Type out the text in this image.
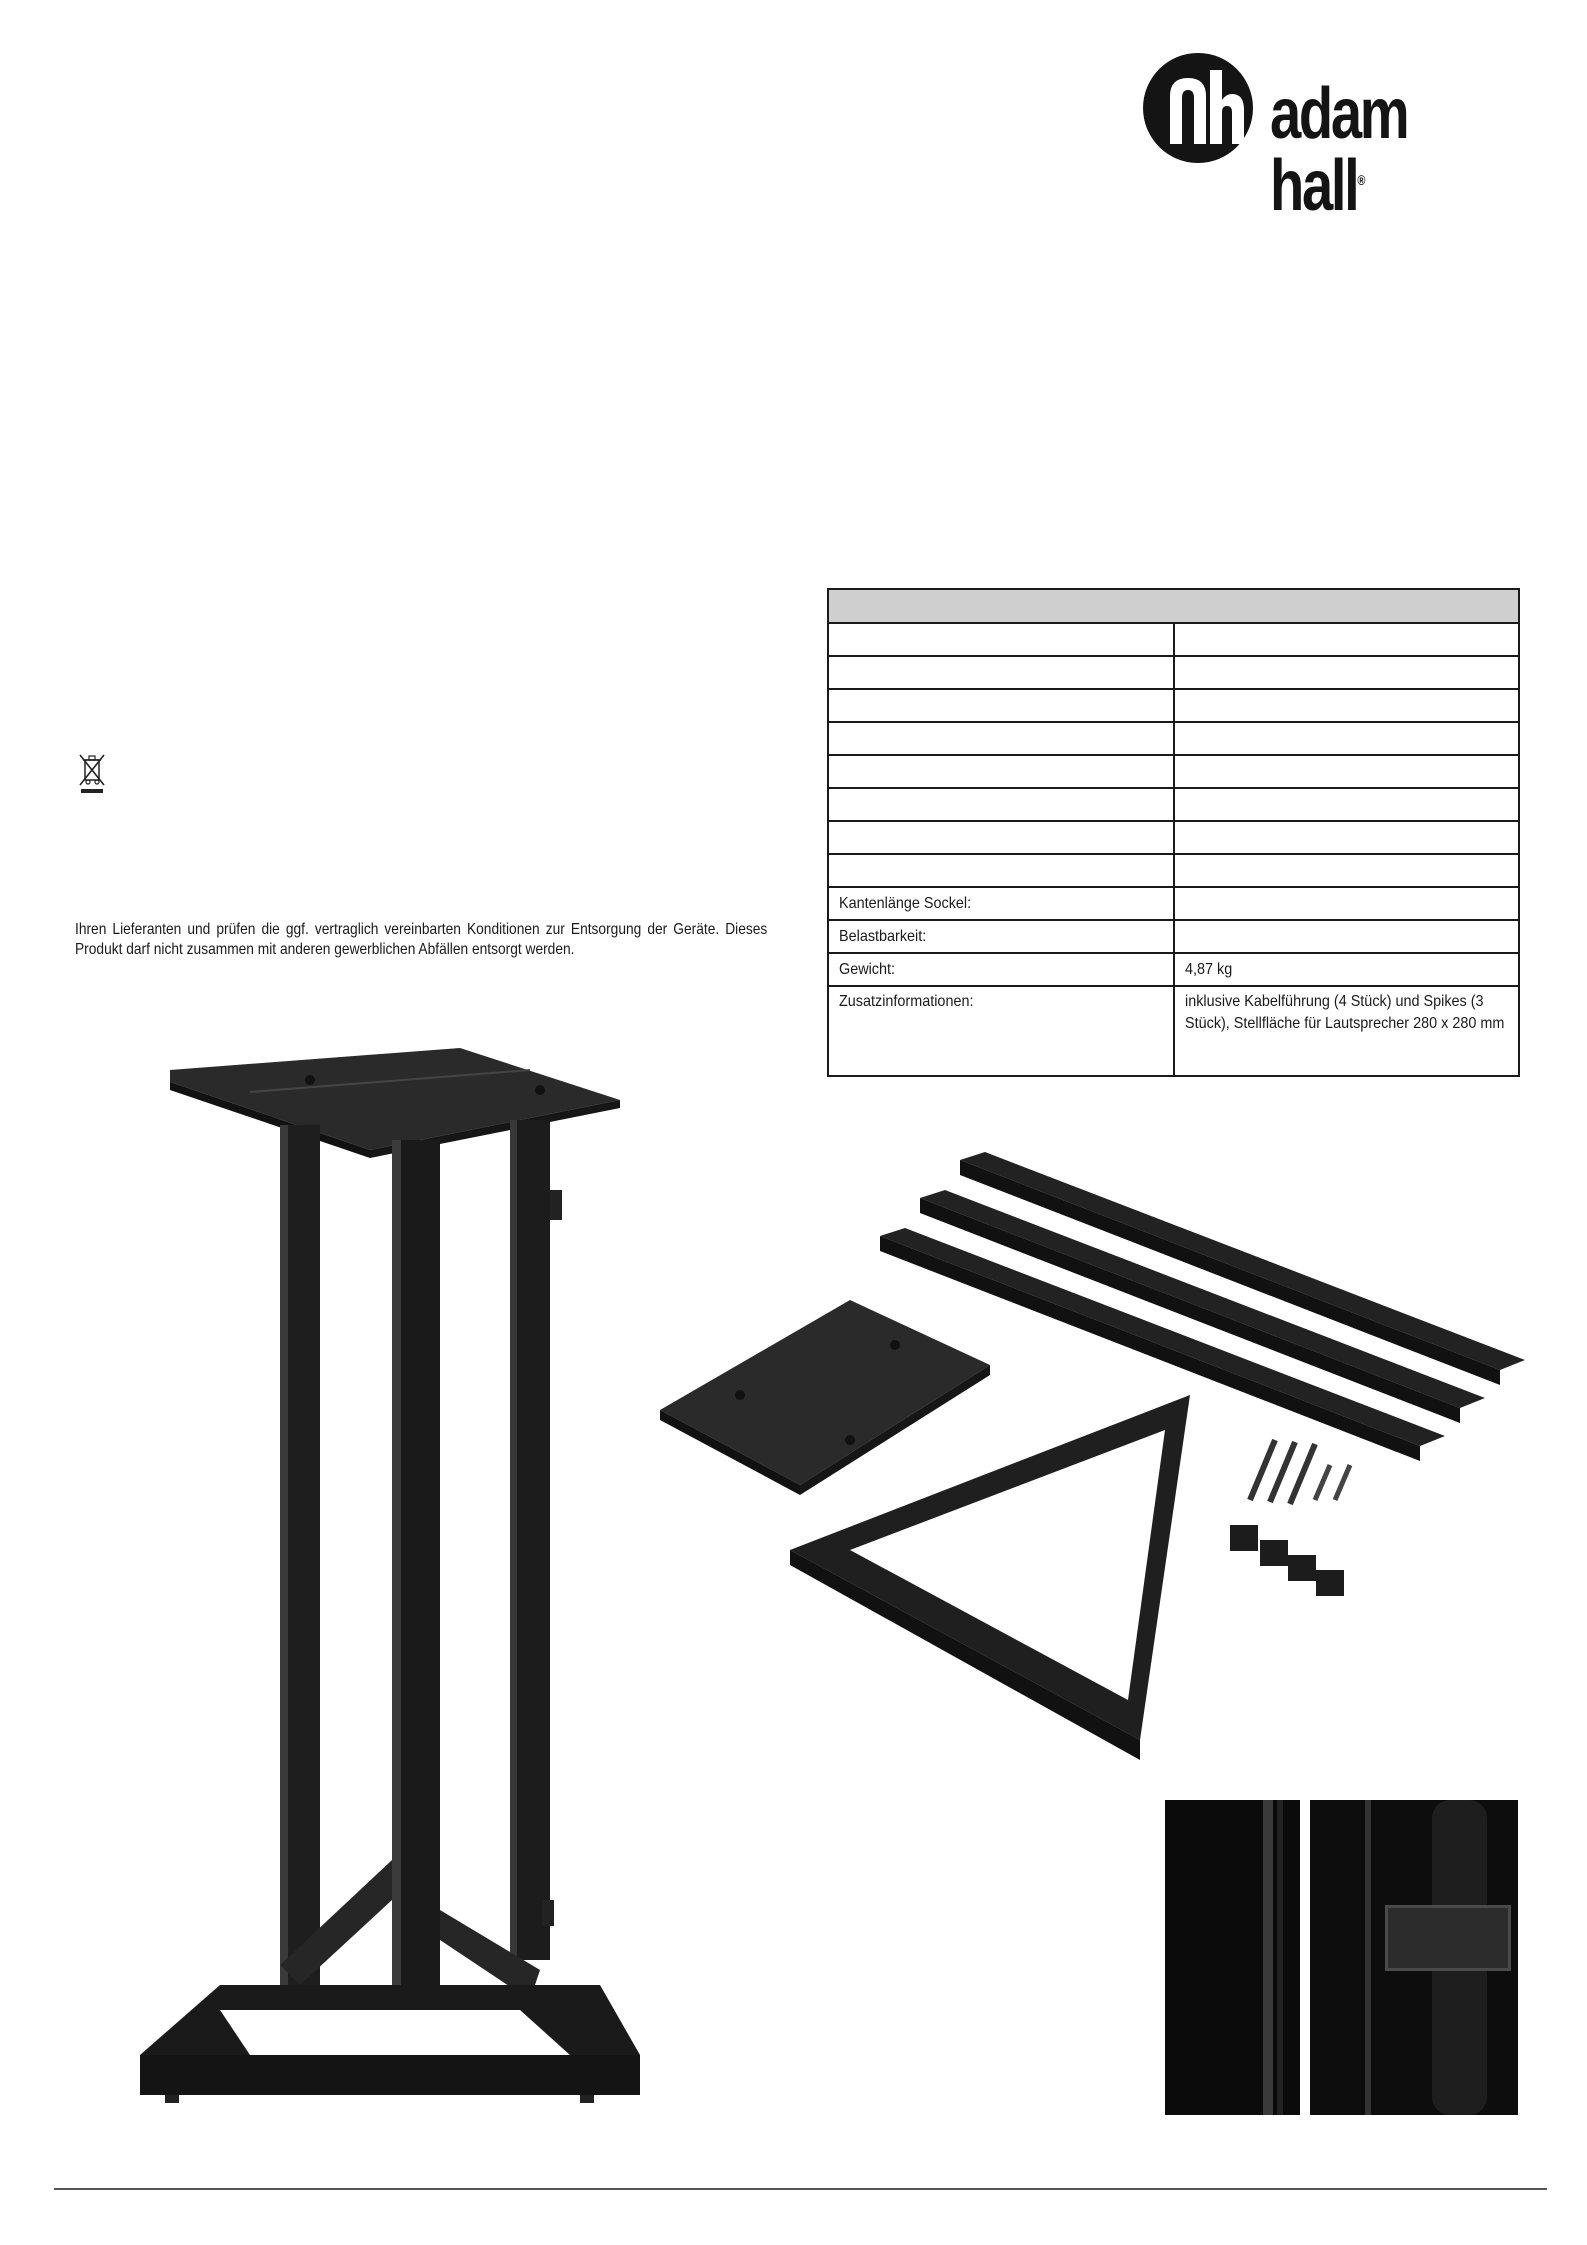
adam hall®
Ihren Lieferanten und prüfen die ggf. vertraglich vereinbarten Konditionen zur Entsorgung der Geräte. Dieses Produkt darf nicht zusammen mit anderen gewerblichen Abfällen entsorgt werden.

Kantenlänge Sockel:	
Belastbarkeit:	
Gewicht:	4,87 kg
Zusatzinformationen:	inklusive Kabelführung (4 Stück) und Spikes (3 Stück), Stellfläche für Lautsprecher 280 x 280 mm
